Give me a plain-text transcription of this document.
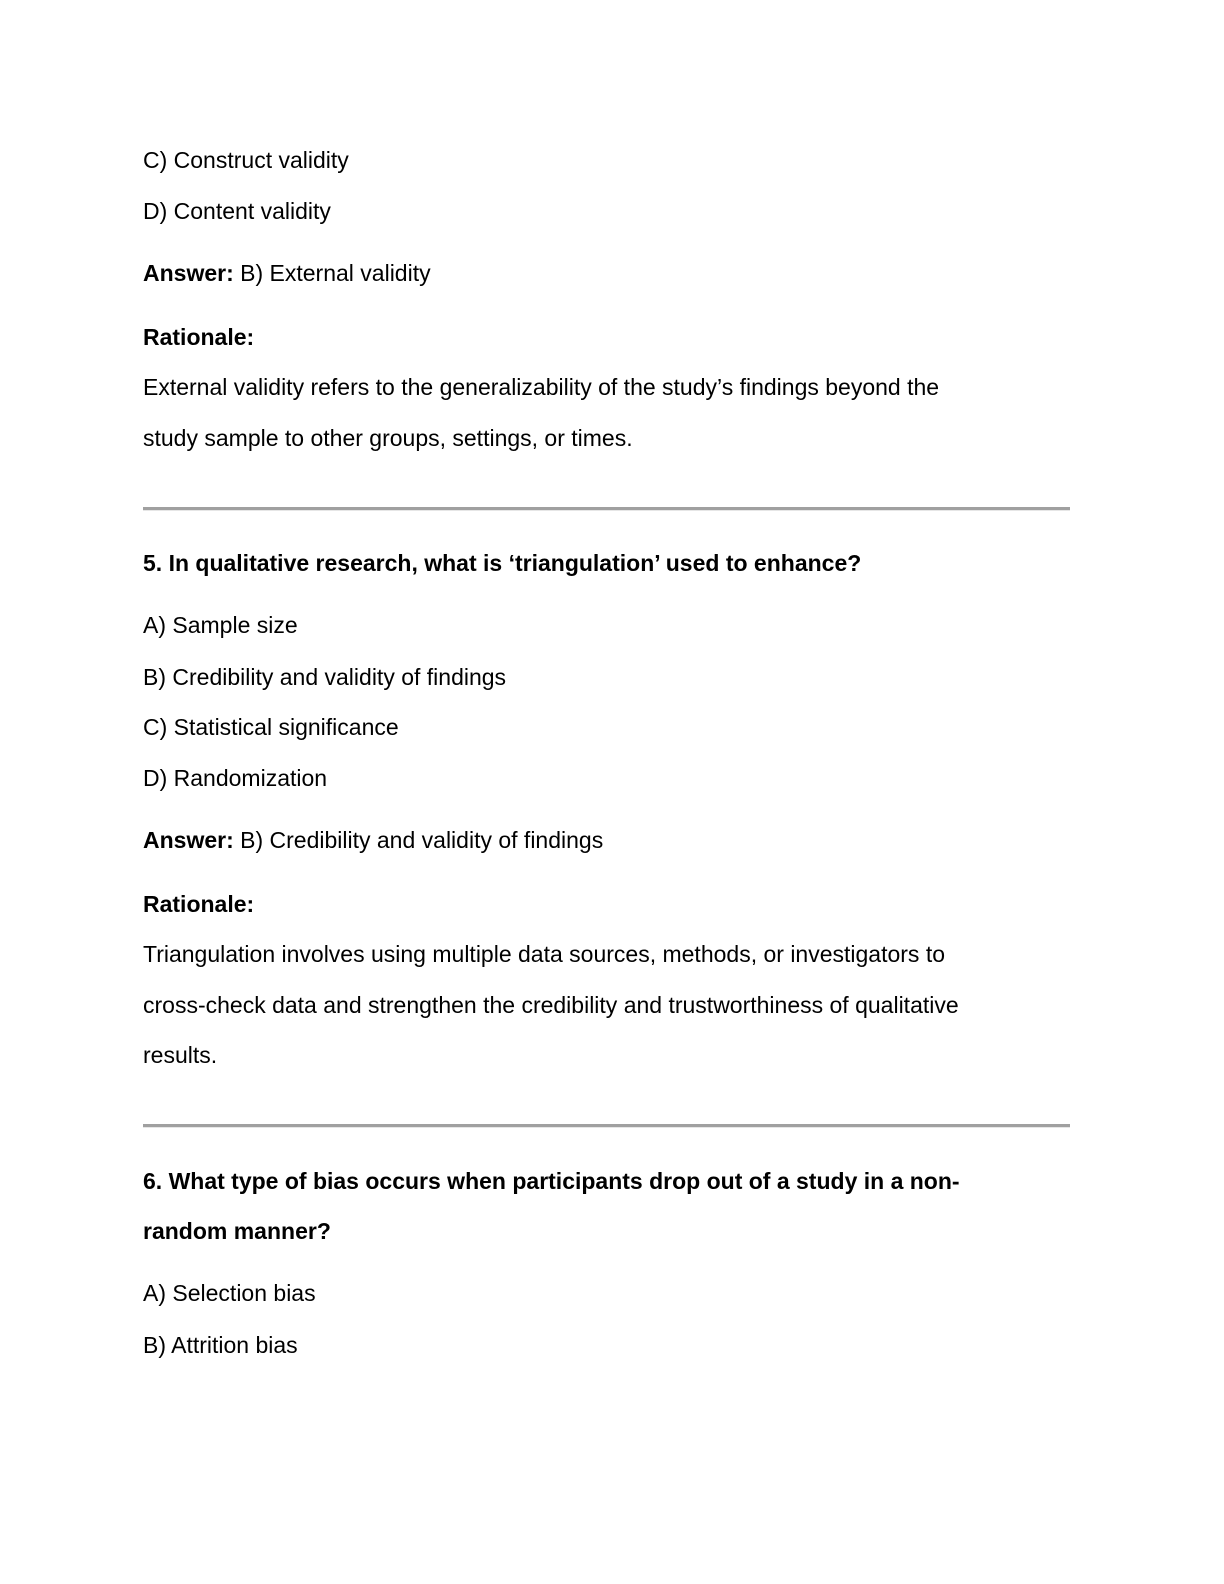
C) Construct validity

D) Content validity

Answer: B) External validity

Rationale:

External validity refers to the generalizability of the study’s findings beyond the

study sample to other groups, settings, or times.

5. In qualitative research, what is ‘triangulation’ used to enhance?

A) Sample size

B) Credibility and validity of findings

C) Statistical significance

D) Randomization

Answer: B) Credibility and validity of findings

Rationale:

Triangulation involves using multiple data sources, methods, or investigators to

cross-check data and strengthen the credibility and trustworthiness of qualitative

results.

6. What type of bias occurs when participants drop out of a study in a non-

random manner?

A) Selection bias

B) Attrition bias
